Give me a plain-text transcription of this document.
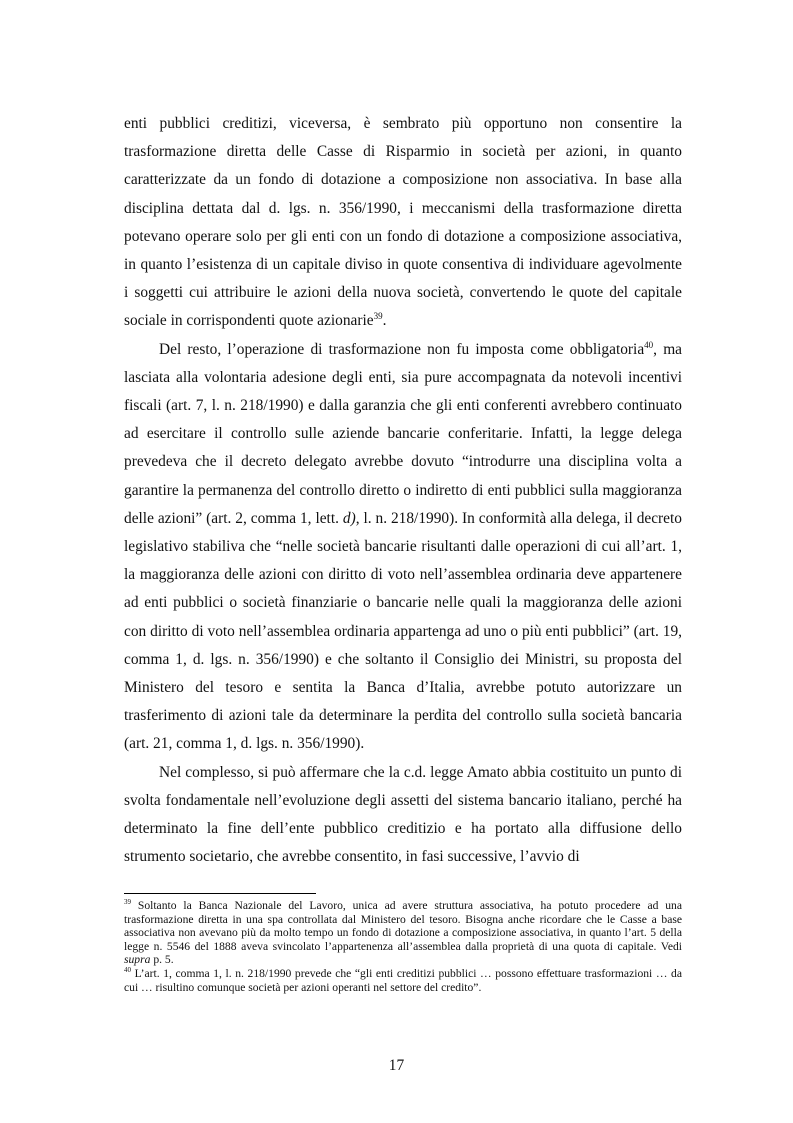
enti pubblici creditizi, viceversa, è sembrato più opportuno non consentire la trasformazione diretta delle Casse di Risparmio in società per azioni, in quanto caratterizzate da un fondo di dotazione a composizione non associativa. In base alla disciplina dettata dal d. lgs. n. 356/1990, i meccanismi della trasformazione diretta potevano operare solo per gli enti con un fondo di dotazione a composizione associativa, in quanto l’esistenza di un capitale diviso in quote consentiva di individuare agevolmente i soggetti cui attribuire le azioni della nuova società, convertendo le quote del capitale sociale in corrispondenti quote azionarie$^{39}$.

Del resto, l’operazione di trasformazione non fu imposta come obbligatoria$^{40}$, ma lasciata alla volontaria adesione degli enti, sia pure accompagnata da notevoli incentivi fiscali (art. 7, l. n. 218/1990) e dalla garanzia che gli enti conferenti avrebbero continuato ad esercitare il controllo sulle aziende bancarie conferitarie. Infatti, la legge delega prevedeva che il decreto delegato avrebbe dovuto “introdurre una disciplina volta a garantire la permanenza del controllo diretto o indiretto di enti pubblici sulla maggioranza delle azioni” (art. 2, comma 1, lett. d), l. n. 218/1990). In conformità alla delega, il decreto legislativo stabiliva che “nelle società bancarie risultanti dalle operazioni di cui all’art. 1, la maggioranza delle azioni con diritto di voto nell’assemblea ordinaria deve appartenere ad enti pubblici o società finanziarie o bancarie nelle quali la maggioranza delle azioni con diritto di voto nell’assemblea ordinaria appartenga ad uno o più enti pubblici” (art. 19, comma 1, d. lgs. n. 356/1990) e che soltanto il Consiglio dei Ministri, su proposta del Ministero del tesoro e sentita la Banca d’Italia, avrebbe potuto autorizzare un trasferimento di azioni tale da determinare la perdita del controllo sulla società bancaria (art. 21, comma 1, d. lgs. n. 356/1990).

Nel complesso, si può affermare che la c.d. legge Amato abbia costituito un punto di svolta fondamentale nell’evoluzione degli assetti del sistema bancario italiano, perché ha determinato la fine dell’ente pubblico creditizio e ha portato alla diffusione dello strumento societario, che avrebbe consentito, in fasi successive, l’avvio di

$^{39}$ Soltanto la Banca Nazionale del Lavoro, unica ad avere struttura associativa, ha potuto procedere ad una trasformazione diretta in una spa controllata dal Ministero del tesoro. Bisogna anche ricordare che le Casse a base associativa non avevano più da molto tempo un fondo di dotazione a composizione associativa, in quanto l’art. 5 della legge n. 5546 del 1888 aveva svincolato l’appartenenza all’assemblea dalla proprietà di una quota di capitale. Vedi supra p. 5.

$^{40}$ L’art. 1, comma 1, l. n. 218/1990 prevede che “gli enti creditizi pubblici … possono effettuare trasformazioni … da cui … risultino comunque società per azioni operanti nel settore del credito”.

17
